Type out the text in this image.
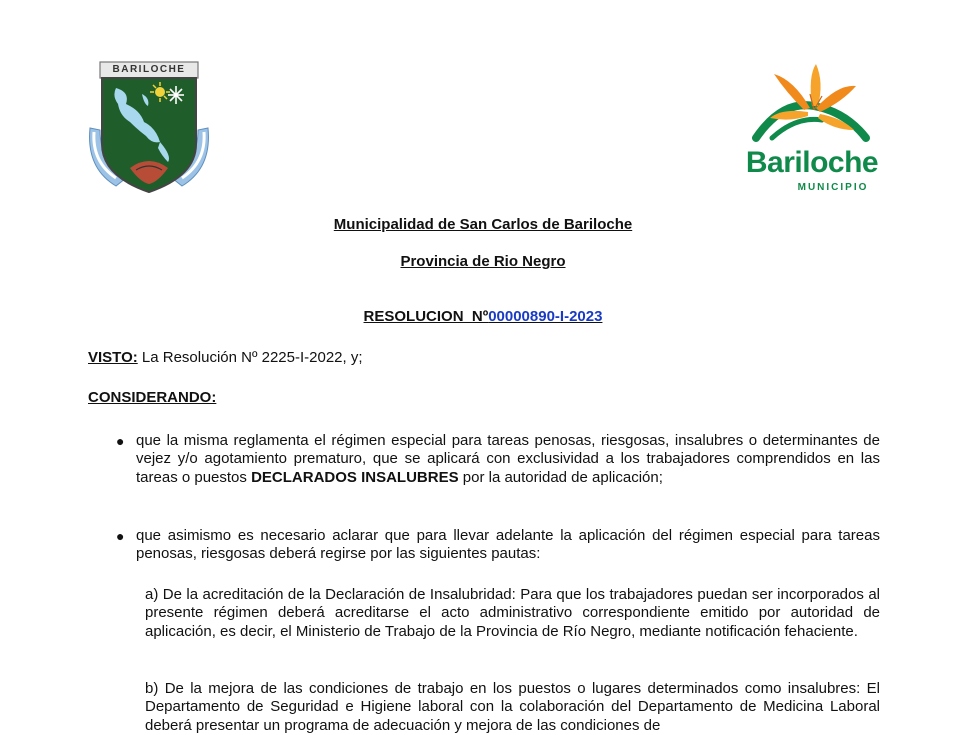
BARILOCHE
Bariloche
MUNICIPIO
Municipalidad de San Carlos de Bariloche
Provincia de Rio Negro
RESOLUCION  Nº00000890-I-2023
VISTO: La Resolución Nº 2225-I-2022, y;
CONSIDERANDO:
● que la misma reglamenta el régimen especial para tareas penosas, riesgosas, insalubres o determinantes de vejez y/o agotamiento prematuro, que se aplicará con exclusividad a los trabajadores comprendidos en las tareas o puestos DECLARADOS INSALUBRES por la autoridad de aplicación;
● que asimismo es necesario aclarar que para llevar adelante la aplicación del régimen especial para tareas penosas, riesgosas deberá regirse por las siguientes pautas:
a) De la acreditación de la Declaración de Insalubridad: Para que los trabajadores puedan ser incorporados al presente régimen deberá acreditarse el acto administrativo correspondiente emitido por autoridad de aplicación, es decir, el Ministerio de Trabajo de la Provincia de Río Negro, mediante notificación fehaciente.
b) De la mejora de las condiciones de trabajo en los puestos o lugares determinados como insalubres: El Departamento de Seguridad e Higiene laboral con la colaboración del Departamento de Medicina Laboral deberá presentar un programa de adecuación y mejora de las condiciones de
